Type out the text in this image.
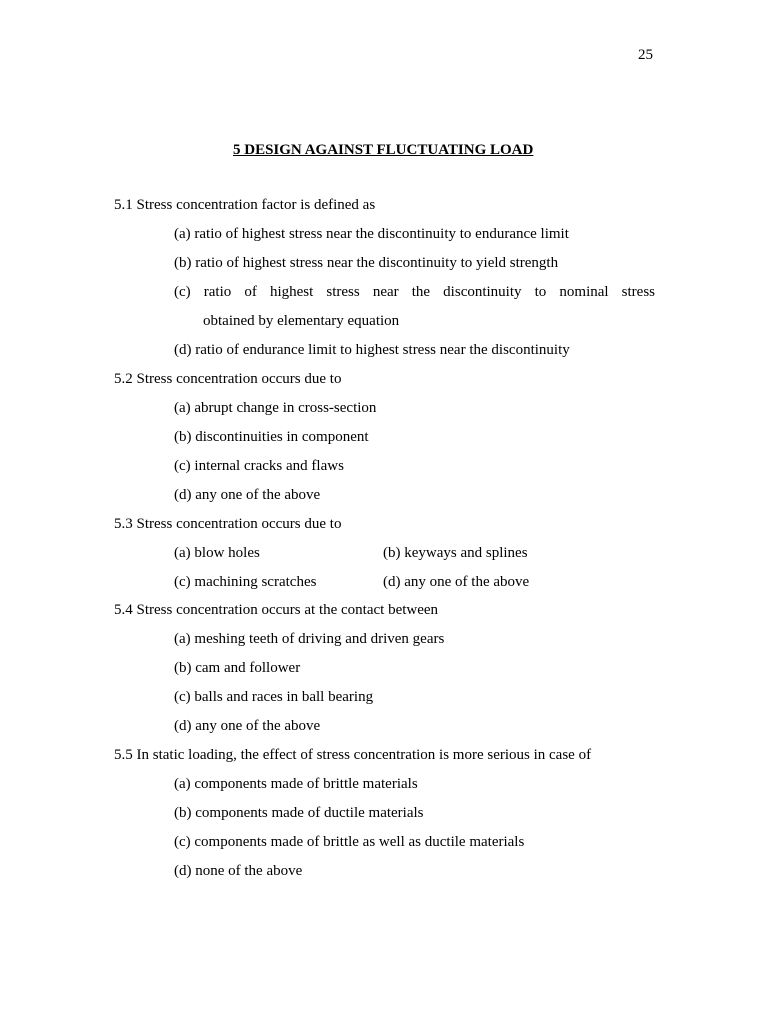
25
5 DESIGN AGAINST FLUCTUATING LOAD
5.1 Stress concentration factor is defined as
(a) ratio of highest stress near the discontinuity to endurance limit
(b) ratio of highest stress near the discontinuity to yield strength
(c) ratio of highest stress near the discontinuity to nominal stress
obtained by elementary equation
(d) ratio of endurance limit to highest stress near the discontinuity
5.2 Stress concentration occurs due to
(a) abrupt change in cross-section
(b) discontinuities in component
(c) internal cracks and flaws
(d) any one of the above
5.3 Stress concentration occurs due to
(a) blow holes	(b) keyways and splines
(c) machining scratches	(d) any one of the above
5.4 Stress concentration occurs at the contact between
(a) meshing teeth of driving and driven gears
(b) cam and follower
(c) balls and races in ball bearing
(d) any one of the above
5.5 In static loading, the effect of stress concentration is more serious in case of
(a) components made of brittle materials
(b) components made of ductile materials
(c) components made of brittle as well as ductile materials
(d) none of the above
